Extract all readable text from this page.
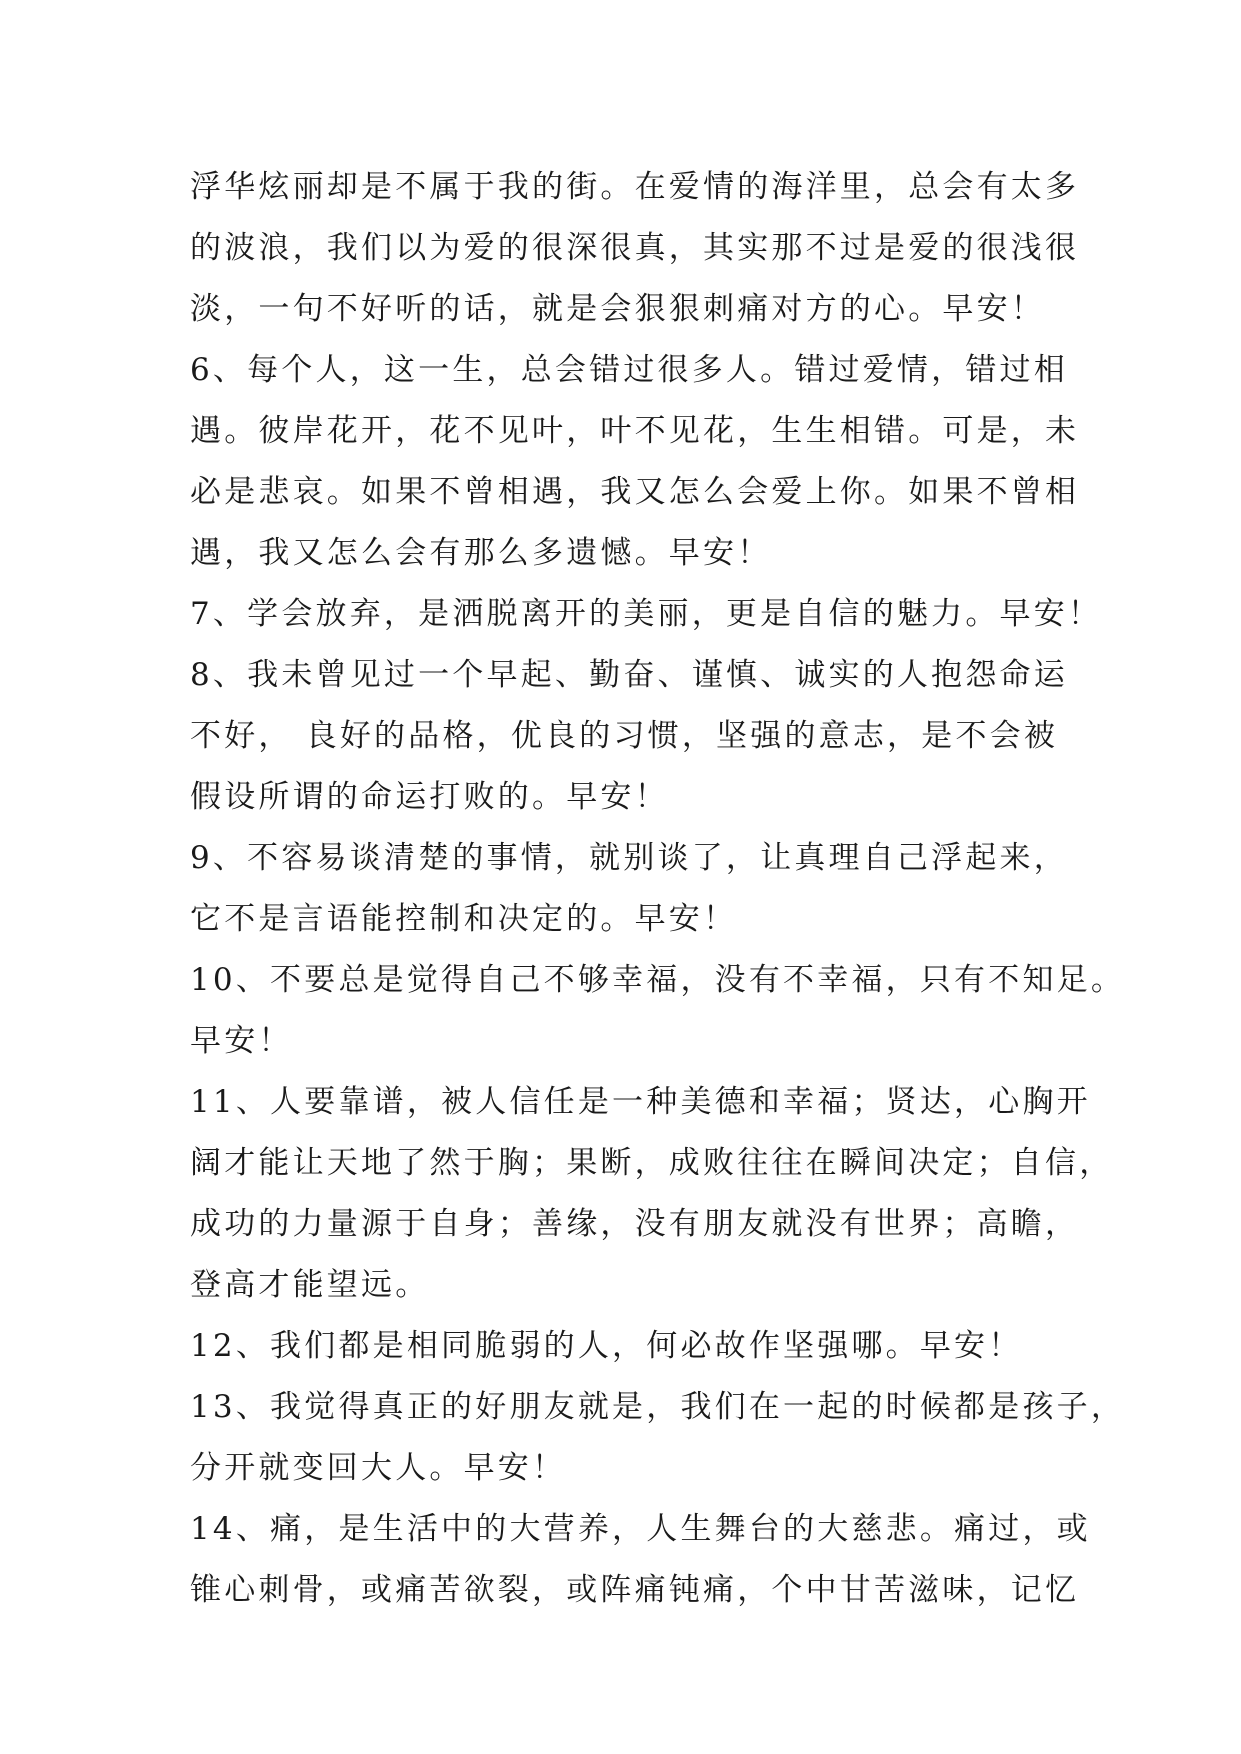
浮华炫丽却是不属于我的街。在爱情的海洋里，总会有太多
的波浪，我们以为爱的很深很真，其实那不过是爱的很浅很
淡，一句不好听的话，就是会狠狠刺痛对方的心。早安！
6、每个人，这一生，总会错过很多人。错过爱情，错过相
遇。彼岸花开，花不见叶，叶不见花，生生相错。可是，未
必是悲哀。如果不曾相遇，我又怎么会爱上你。如果不曾相
遇，我又怎么会有那么多遗憾。早安！
7、学会放弃，是洒脱离开的美丽，更是自信的魅力。早安！
8、我未曾见过一个早起、勤奋、谨慎、诚实的人抱怨命运
不好， 良好的品格，优良的习惯，坚强的意志，是不会被
假设所谓的命运打败的。早安！
9、不容易谈清楚的事情，就别谈了，让真理自己浮起来，
它不是言语能控制和决定的。早安！
10、不要总是觉得自己不够幸福，没有不幸福，只有不知足。
早安！
11、人要靠谱，被人信任是一种美德和幸福；贤达，心胸开
阔才能让天地了然于胸；果断，成败往往在瞬间决定；自信，
成功的力量源于自身；善缘，没有朋友就没有世界；高瞻，
登高才能望远。
12、我们都是相同脆弱的人，何必故作坚强哪。早安！
13、我觉得真正的好朋友就是，我们在一起的时候都是孩子，
分开就变回大人。早安！
14、痛，是生活中的大营养，人生舞台的大慈悲。痛过，或
锥心刺骨，或痛苦欲裂，或阵痛钝痛，个中甘苦滋味，记忆
